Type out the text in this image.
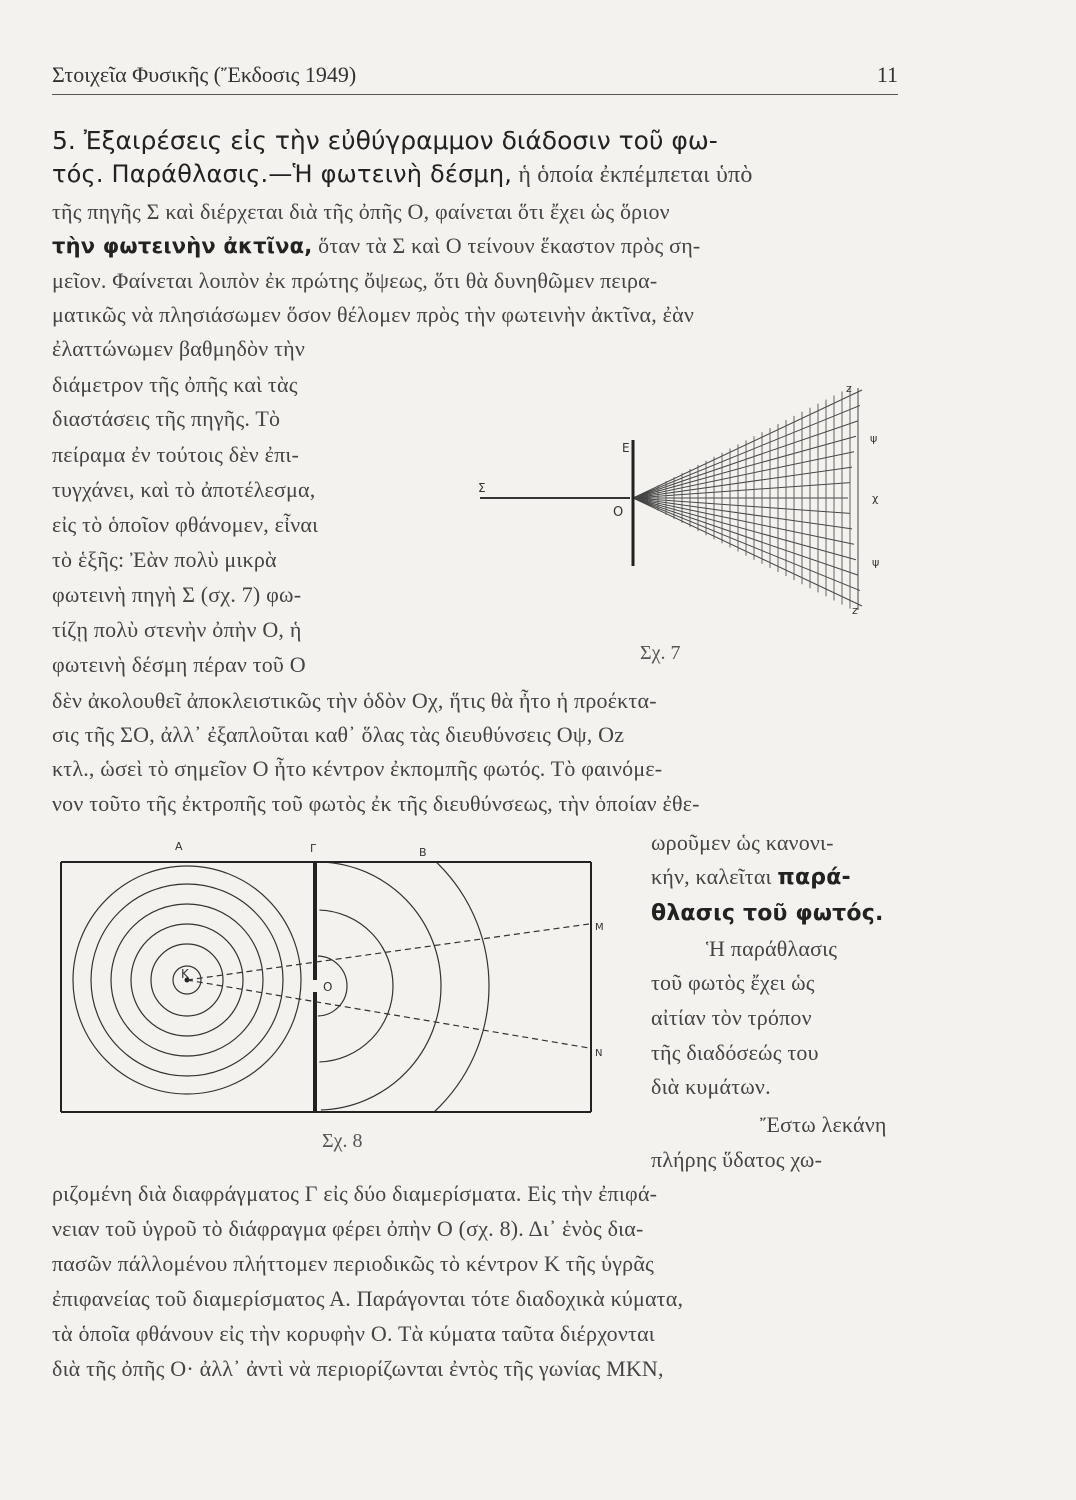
Στοιχεῖα Φυσικῆς (Ἔκδοσις 1949)	11
5. Ἐξαιρέσεις εἰς τὴν εὐθύγραμμον διάδοσιν τοῦ φω-
τός. Παράθλασις.—Ἡ φωτεινὴ δέσμη, ἡ ὁποία ἐκπέμπεται ὑπὸ
τῆς πηγῆς Σ καὶ διέρχεται διὰ τῆς ὀπῆς Ο, φαίνεται ὅτι ἔχει ὡς ὅριον
τὴν φωτεινὴν ἀκτῖνα, ὅταν τὰ Σ καὶ Ο τείνουν ἕκαστον πρὸς ση-
μεῖον. Φαίνεται λοιπὸν ἐκ πρώτης ὄψεως, ὅτι θὰ δυνηθῶμεν πειρα-
ματικῶς νὰ πλησιάσωμεν ὅσον θέλομεν πρὸς τὴν φωτεινὴν ἀκτῖνα, ἐὰν
ἐλαττώνωμεν βαθμηδὸν τὴν
διάμετρον τῆς ὀπῆς καὶ τὰς
διαστάσεις τῆς πηγῆς. Τὸ
πείραμα ἐν τούτοις δὲν ἐπι-
τυγχάνει, καὶ τὸ ἀποτέλεσμα,
εἰς τὸ ὁποῖον φθάνομεν, εἶναι
τὸ ἑξῆς: Ἐὰν πολὺ μικρὰ
φωτεινὴ πηγὴ Σ (σχ. 7) φω-
τίζῃ πολὺ στενὴν ὀπὴν Ο, ἡ
φωτεινὴ δέσμη πέραν τοῦ Ο
δὲν ἀκολουθεῖ ἀποκλειστικῶς τὴν ὁδὸν Οχ, ἥτις θὰ ἦτο ἡ προέκτα-
σις τῆς ΣΟ, ἀλλ᾽ ἐξαπλοῦται καθ᾽ ὅλας τὰς διευθύνσεις Οψ, Οz
κτλ., ὡσεὶ τὸ σημεῖον Ο ἦτο κέντρον ἐκπομπῆς φωτός. Τὸ φαινόμε-
νον τοῦτο τῆς ἐκτροπῆς τοῦ φωτὸς ἐκ τῆς διευθύνσεως, τὴν ὁποίαν ἐθε-
ωροῦμεν ὡς κανονι-
κήν, καλεῖται παρά-
θλασις τοῦ φωτός.
Ἡ παράθλασις
τοῦ φωτὸς ἔχει ὡς
αἰτίαν τὸν τρόπον
τῆς διαδόσεώς του
διὰ κυμάτων.
Ἔστω λεκάνη
πλήρης ὕδατος χω-
ριζομένη διὰ διαφράγματος Γ εἰς δύο διαμερίσματα. Εἰς τὴν ἐπιφά-
νειαν τοῦ ὑγροῦ τὸ διάφραγμα φέρει ὀπὴν Ο (σχ. 8). Δι᾽ ἑνὸς δια-
πασῶν πάλλομένου πλήττομεν περιοδικῶς τὸ κέντρον Κ τῆς ὑγρᾶς
ἐπιφανείας τοῦ διαμερίσματος Α. Παράγονται τότε διαδοχικὰ κύματα,
τὰ ὁποῖα φθάνουν εἰς τὴν κορυφὴν Ο. Τὰ κύματα ταῦτα διέρχονται
διὰ τῆς ὀπῆς Ο· ἀλλ᾽ ἀντὶ νὰ περιορίζωνται ἐντὸς τῆς γωνίας ΜΚΝ,
Σ
E
O
z
ψ
χ
ψ
z
Σχ. 7
A	Γ	B
K
O
M
N
Σχ. 8
